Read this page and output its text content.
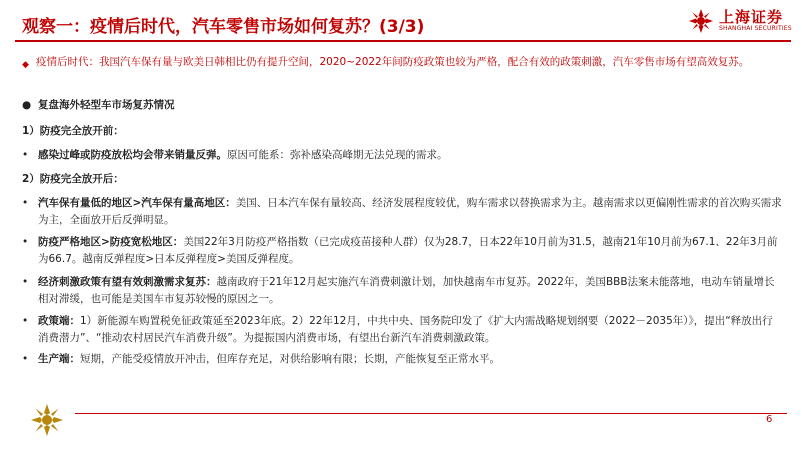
观察一：疫情后时代，汽车零售市场如何复苏？(3/3)	上海证券
SHANGHAI SECURITIES
◆ 疫情后时代：我国汽车保有量与欧美日韩相比仍有提升空间，2020~2022年间防疫政策也较为严格，配合有效的政策刺激，汽车零售市场有望高效复苏。
● 复盘海外轻型车市场复苏情况
1）防疫完全放开前：
• 感染过峰或防疫放松均会带来销量反弹。原因可能系：弥补感染高峰期无法兑现的需求。
2）防疫完全放开后：
• 汽车保有量低的地区>汽车保有量高地区：美国、日本汽车保有量较高、经济发展程度较优，购车需求以替换需求为主。越南需求以更偏刚性需求的首次购买需求为主，全面放开后反弹明显。
• 防疫严格地区>防疫宽松地区：美国22年3月防疫严格指数（已完成疫苗接种人群）仅为28.7，日本22年10月前为31.5，越南21年10月前为67.1、22年3月前为66.7。越南反弹程度>日本反弹程度>美国反弹程度。
• 经济刺激政策有望有效刺激需求复苏：越南政府于21年12月起实施汽车消费刺激计划，加快越南车市复苏。2022年，美国BBB法案未能落地，电动车销量增长相对滞缓，也可能是美国车市复苏较慢的原因之一。
• 政策端：1）新能源车购置税免征政策延至2023年底。2）22年12月，中共中央、国务院印发了《扩大内需战略规划纲要（2022－2035年）》，提出“释放出行消费潜力”、“推动农村居民汽车消费升级”。为提振国内消费市场，有望出台新汽车消费刺激政策。
• 生产端：短期，产能受疫情放开冲击，但库存充足，对供给影响有限；长期，产能恢复至正常水平。
6
